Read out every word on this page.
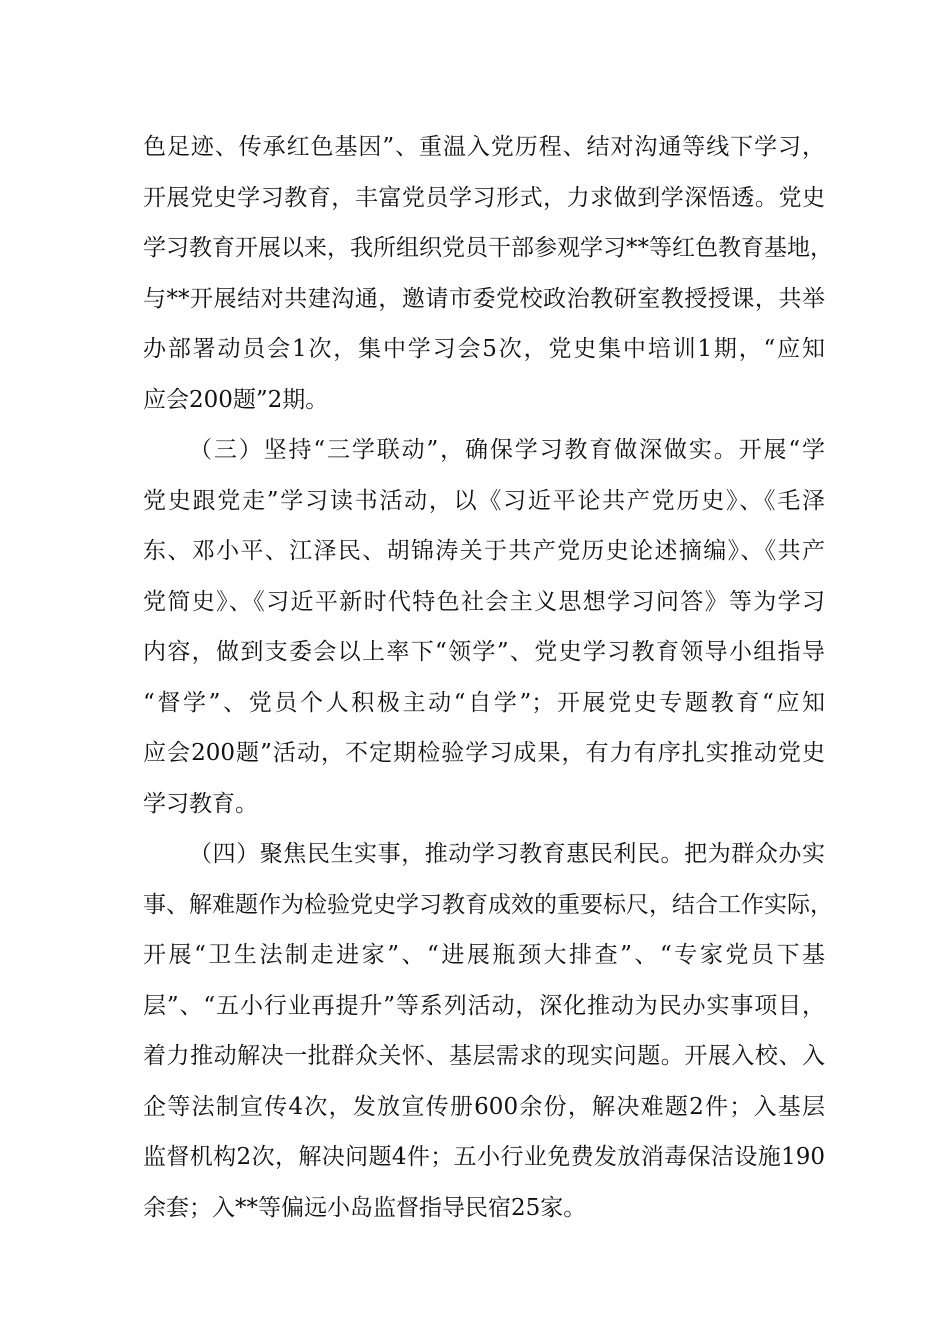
色足迹、传承红色基因”、重温入党历程、结对沟通等线下学习，
开展党史学习教育，丰富党员学习形式，力求做到学深悟透。党史
学习教育开展以来，我所组织党员干部参观学习**等红色教育基地，
与**开展结对共建沟通，邀请市委党校政治教研室教授授课，共举
办部署动员会1次，集中学习会5次，党史集中培训1期，“应知
应会200题”2期。
（三）坚持“三学联动”，确保学习教育做深做实。开展“学
党史跟党走”学习读书活动，以《习近平论共产党历史》、《毛泽
东、邓小平、江泽民、胡锦涛关于共产党历史论述摘编》、《共产
党简史》、《习近平新时代特色社会主义思想学习问答》等为学习
内容，做到支委会以上率下“领学”、党史学习教育领导小组指导
“督学”、党员个人积极主动“自学”；开展党史专题教育“应知
应会200题”活动，不定期检验学习成果，有力有序扎实推动党史
学习教育。
（四）聚焦民生实事，推动学习教育惠民利民。把为群众办实
事、解难题作为检验党史学习教育成效的重要标尺，结合工作实际，
开展“卫生法制走进家”、“进展瓶颈大排查”、“专家党员下基
层”、“五小行业再提升”等系列活动，深化推动为民办实事项目，
着力推动解决一批群众关怀、基层需求的现实问题。开展入校、入
企等法制宣传4次，发放宣传册600余份，解决难题2件；入基层
监督机构2次，解决问题4件；五小行业免费发放消毒保洁设施190
余套；入**等偏远小岛监督指导民宿25家。
